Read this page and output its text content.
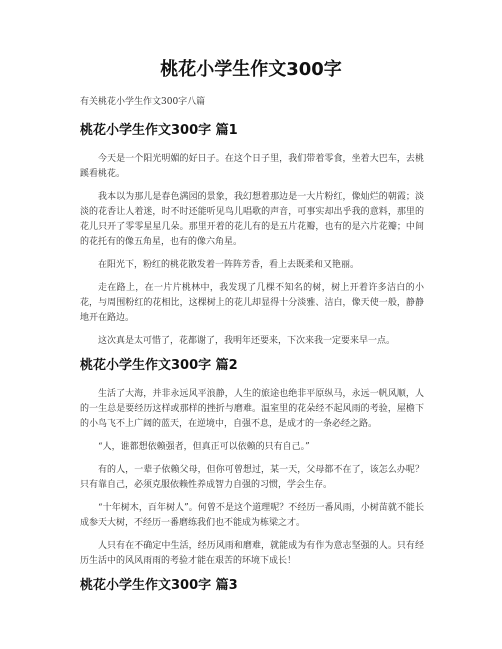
桃花小学生作文300字

有关桃花小学生作文300字八篇

桃花小学生作文300字 篇1

今天是一个阳光明媚的好日子。在这个日子里，我们带着零食，坐着大巴车，去桃蹊看桃花。

我本以为那儿是春色满园的景象，我幻想着那边是一大片粉红，像灿烂的朝霞；淡淡的花香让人着迷，时不时还能听见鸟儿唱歌的声音，可事实却出乎我的意料，那里的花儿只开了零零星星几朵。那里开着的花儿有的是五片花瓣，也有的是六片花瓣；中间的花托有的像五角星，也有的像六角星。

在阳光下，粉红的桃花散发着一阵阵芳香，看上去既柔和又艳丽。

走在路上，在一片片桃林中，我发现了几棵不知名的树，树上开着许多洁白的小花，与周围粉红的花相比，这棵树上的花儿却显得十分淡雅、洁白，像天使一般，静静地开在路边。

这次真是太可惜了，花都谢了，我明年还要来，下次来我一定要来早一点。

桃花小学生作文300字 篇2

生活了大海，并非永远风平浪静，人生的旅途也绝非平原纵马，永远一帆风顺，人的一生总是要经历这样或那样的挫折与磨难。温室里的花朵经不起风雨的考验，屋檐下的小鸟飞不上广阔的蓝天，在逆境中，自强不息，是成才的一条必经之路。

“人，谁都想依赖强者，但真正可以依赖的只有自己。”

有的人，一辈子依赖父母，但你可曾想过，某一天，父母都不在了，该怎么办呢？只有靠自己，必须克服依赖性养成智力自强的习惯，学会生存。

“十年树木，百年树人”。何曾不是这个道理呢？不经历一番风雨，小树苗就不能长成参天大树，不经历一番磨练我们也不能成为栋梁之才。

人只有在不确定中生活，经历风雨和磨难，就能成为有作为意志坚强的人。只有经历生活中的风风雨雨的考验才能在艰苦的环境下成长！

桃花小学生作文300字 篇3
